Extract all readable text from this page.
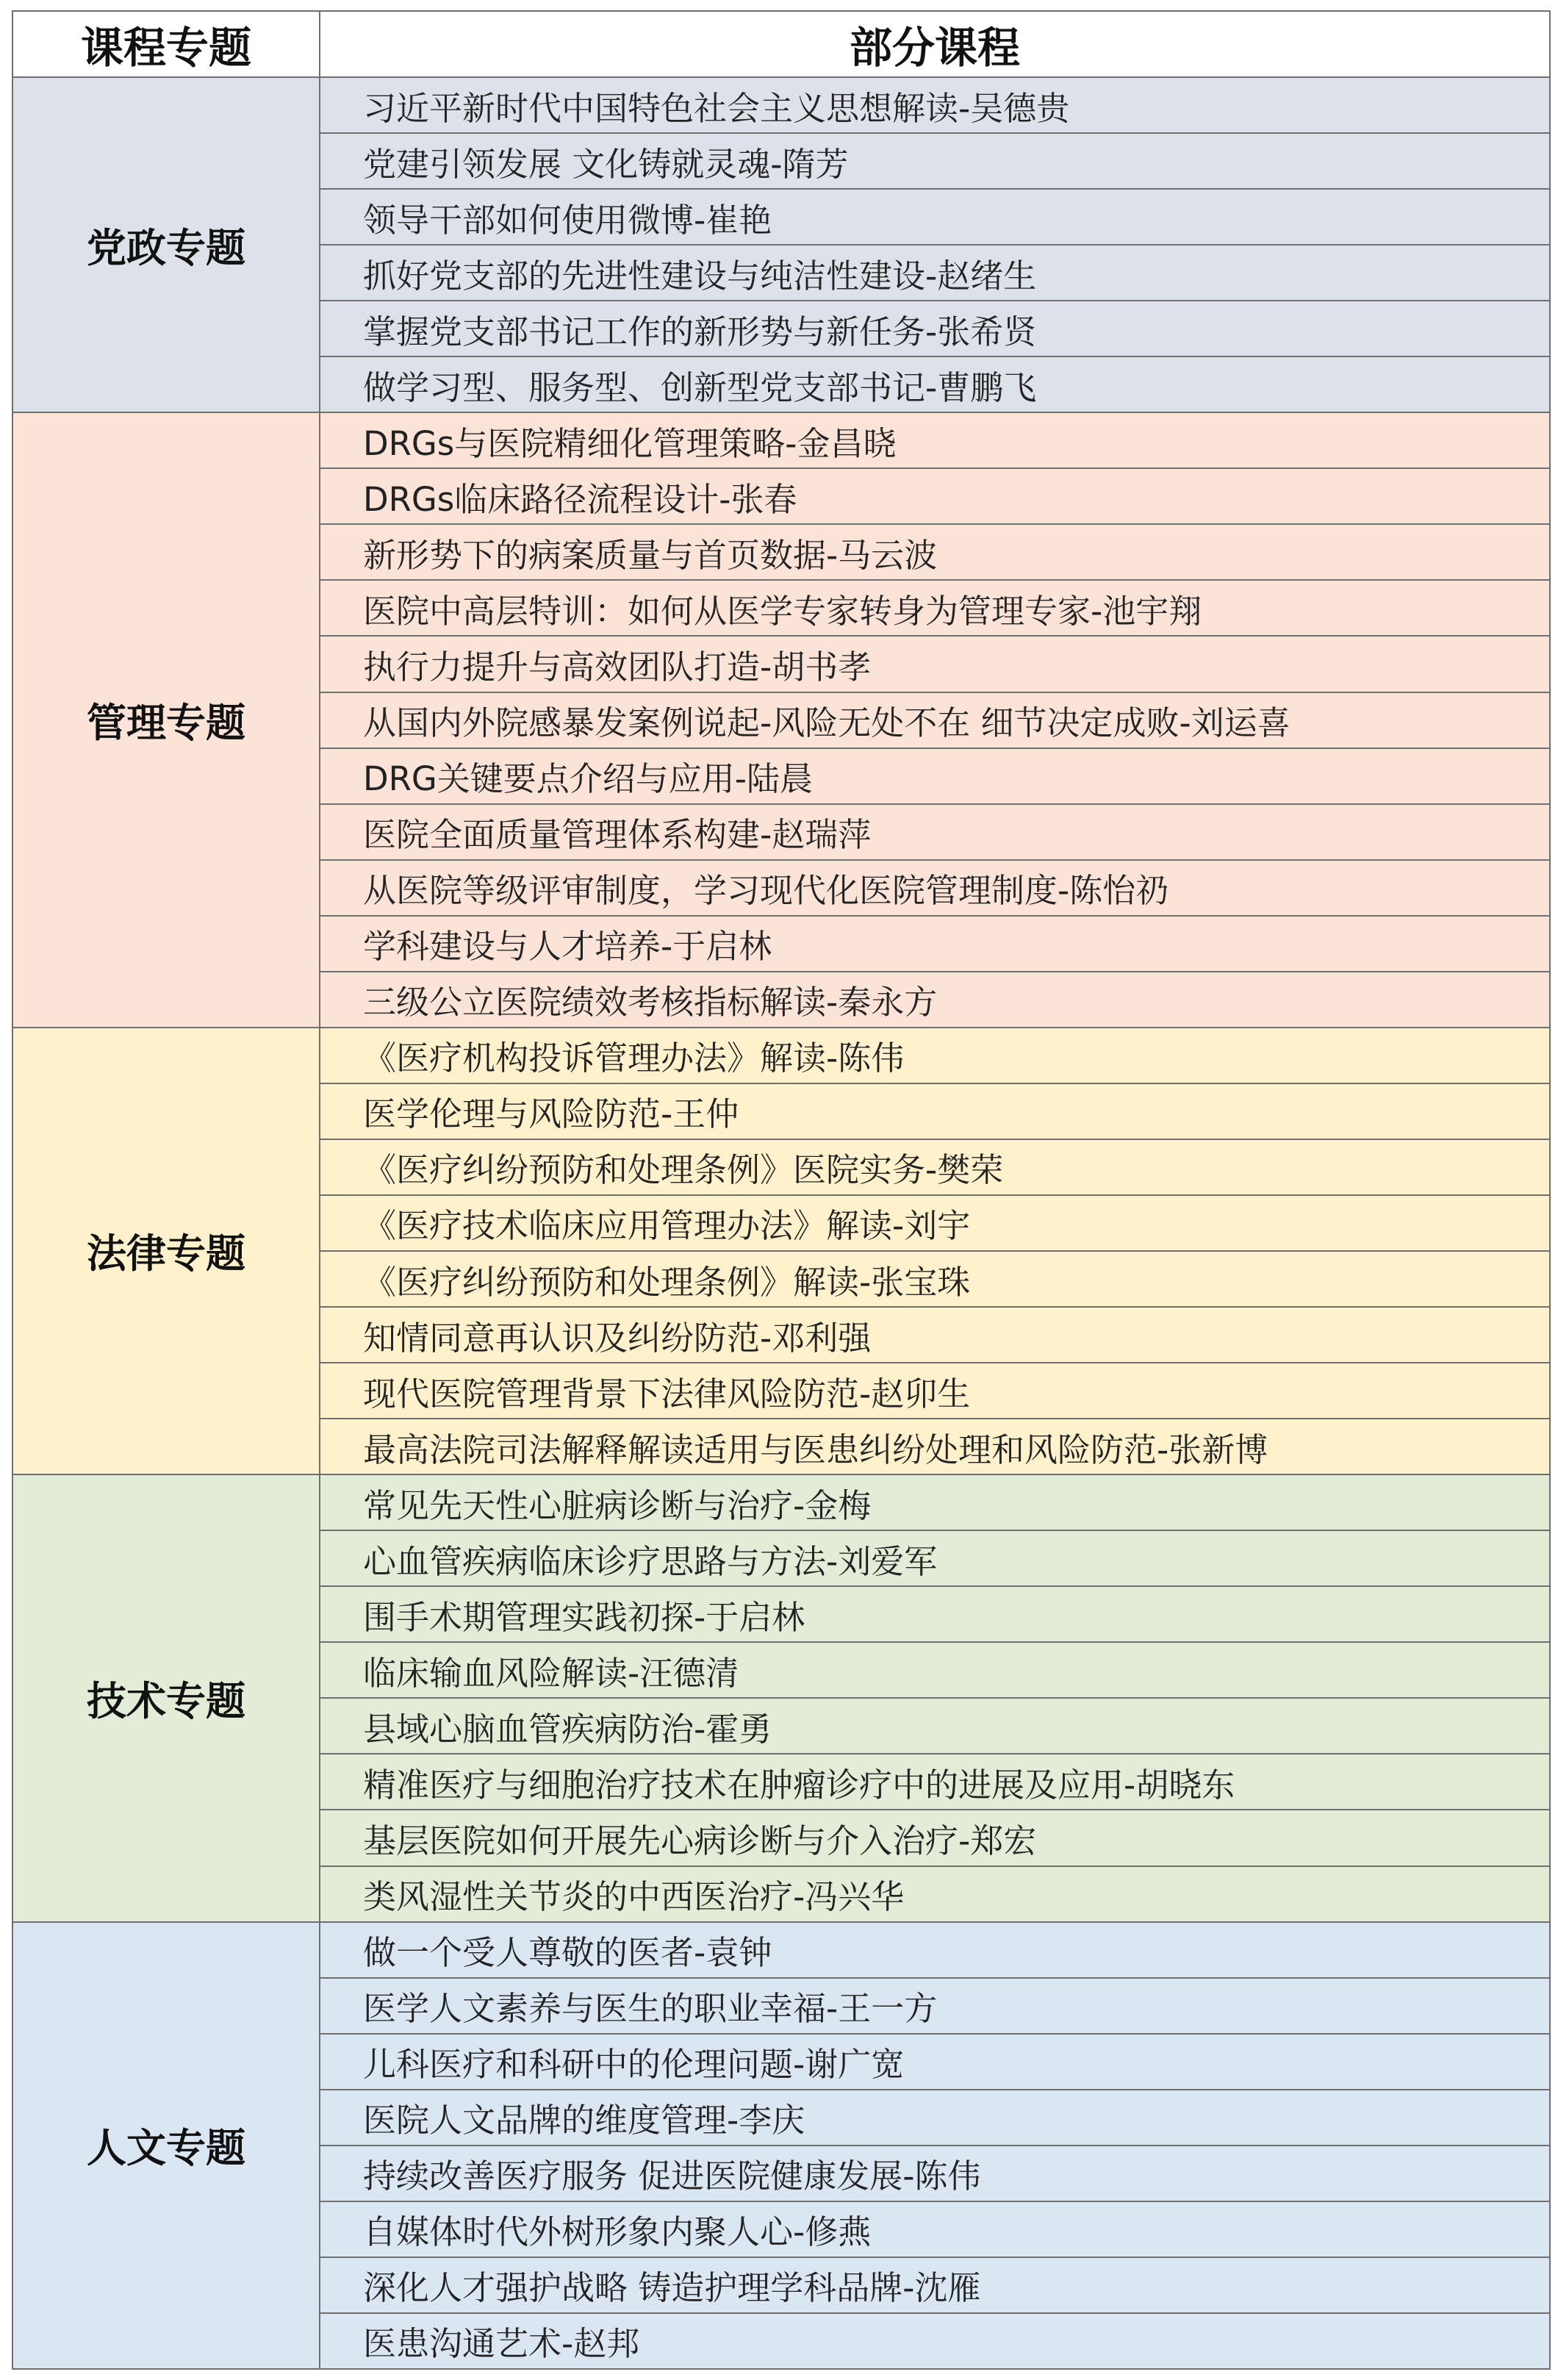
课程专题	部分课程
党政专题	习近平新时代中国特色社会主义思想解读-吴德贵
	党建引领发展 文化铸就灵魂-隋芳
	领导干部如何使用微博-崔艳
	抓好党支部的先进性建设与纯洁性建设-赵绪生
	掌握党支部书记工作的新形势与新任务-张希贤
	做学习型、服务型、创新型党支部书记-曹鹏飞
管理专题	DRGs与医院精细化管理策略-金昌晓
	DRGs临床路径流程设计-张春
	新形势下的病案质量与首页数据-马云波
	医院中高层特训：如何从医学专家转身为管理专家-池宇翔
	执行力提升与高效团队打造-胡书孝
	从国内外院感暴发案例说起-风险无处不在 细节决定成败-刘运喜
	DRG关键要点介绍与应用-陆晨
	医院全面质量管理体系构建-赵瑞萍
	从医院等级评审制度，学习现代化医院管理制度-陈怡礽
	学科建设与人才培养-于启林
	三级公立医院绩效考核指标解读-秦永方
法律专题	《医疗机构投诉管理办法》解读-陈伟
	医学伦理与风险防范-王仲
	《医疗纠纷预防和处理条例》医院实务-樊荣
	《医疗技术临床应用管理办法》解读-刘宇
	《医疗纠纷预防和处理条例》解读-张宝珠
	知情同意再认识及纠纷防范-邓利强
	现代医院管理背景下法律风险防范-赵卯生
	最高法院司法解释解读适用与医患纠纷处理和风险防范-张新博
技术专题	常见先天性心脏病诊断与治疗-金梅
	心血管疾病临床诊疗思路与方法-刘爱军
	围手术期管理实践初探-于启林
	临床输血风险解读-汪德清
	县域心脑血管疾病防治-霍勇
	精准医疗与细胞治疗技术在肿瘤诊疗中的进展及应用-胡晓东
	基层医院如何开展先心病诊断与介入治疗-郑宏
	类风湿性关节炎的中西医治疗-冯兴华
人文专题	做一个受人尊敬的医者-袁钟
	医学人文素养与医生的职业幸福-王一方
	儿科医疗和科研中的伦理问题-谢广宽
	医院人文品牌的维度管理-李庆
	持续改善医疗服务 促进医院健康发展-陈伟
	自媒体时代外树形象内聚人心-修燕
	深化人才强护战略 铸造护理学科品牌-沈雁
	医患沟通艺术-赵邦
